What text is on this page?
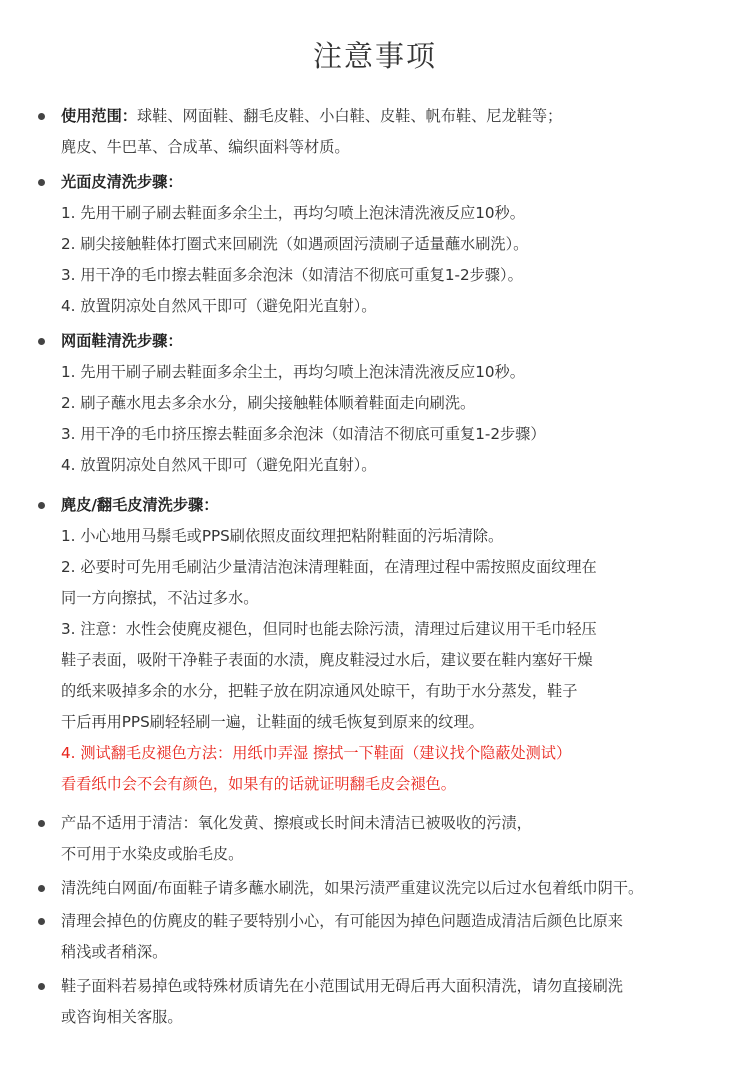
注意事项
使用范围：球鞋、网面鞋、翻毛皮鞋、小白鞋、皮鞋、帆布鞋、尼龙鞋等；
麂皮、牛巴革、合成革、编织面料等材质。
光面皮清洗步骤：
1. 先用干刷子刷去鞋面多余尘土，再均匀喷上泡沫清洗液反应10秒。
2. 刷尖接触鞋体打圈式来回刷洗（如遇顽固污渍刷子适量蘸水刷洗）。
3. 用干净的毛巾擦去鞋面多余泡沫（如清洁不彻底可重复1-2步骤）。
4. 放置阴凉处自然风干即可（避免阳光直射）。
网面鞋清洗步骤：
1. 先用干刷子刷去鞋面多余尘土，再均匀喷上泡沫清洗液反应10秒。
2. 刷子蘸水甩去多余水分，刷尖接触鞋体顺着鞋面走向刷洗。
3. 用干净的毛巾挤压擦去鞋面多余泡沫（如清洁不彻底可重复1-2步骤）
4. 放置阴凉处自然风干即可（避免阳光直射）。
麂皮/翻毛皮清洗步骤：
1. 小心地用马鬃毛或PPS刷依照皮面纹理把粘附鞋面的污垢清除。
2. 必要时可先用毛刷沾少量清洁泡沫清理鞋面，在清理过程中需按照皮面纹理在
同一方向擦拭，不沾过多水。
3. 注意：水性会使麂皮褪色，但同时也能去除污渍，清理过后建议用干毛巾轻压
鞋子表面，吸附干净鞋子表面的水渍，麂皮鞋浸过水后，建议要在鞋内塞好干燥
的纸来吸掉多余的水分，把鞋子放在阴凉通风处晾干，有助于水分蒸发，鞋子
干后再用PPS刷轻轻刷一遍，让鞋面的绒毛恢复到原来的纹理。
4. 测试翻毛皮褪色方法：用纸巾弄湿 擦拭一下鞋面（建议找个隐蔽处测试）
看看纸巾会不会有颜色，如果有的话就证明翻毛皮会褪色。
产品不适用于清洁：氧化发黄、擦痕或长时间未清洁已被吸收的污渍，
不可用于水染皮或胎毛皮。
清洗纯白网面/布面鞋子请多蘸水刷洗，如果污渍严重建议洗完以后过水包着纸巾阴干。
清理会掉色的仿麂皮的鞋子要特别小心，有可能因为掉色问题造成清洁后颜色比原来
稍浅或者稍深。
鞋子面料若易掉色或特殊材质请先在小范围试用无碍后再大面积清洗，请勿直接刷洗
或咨询相关客服。
